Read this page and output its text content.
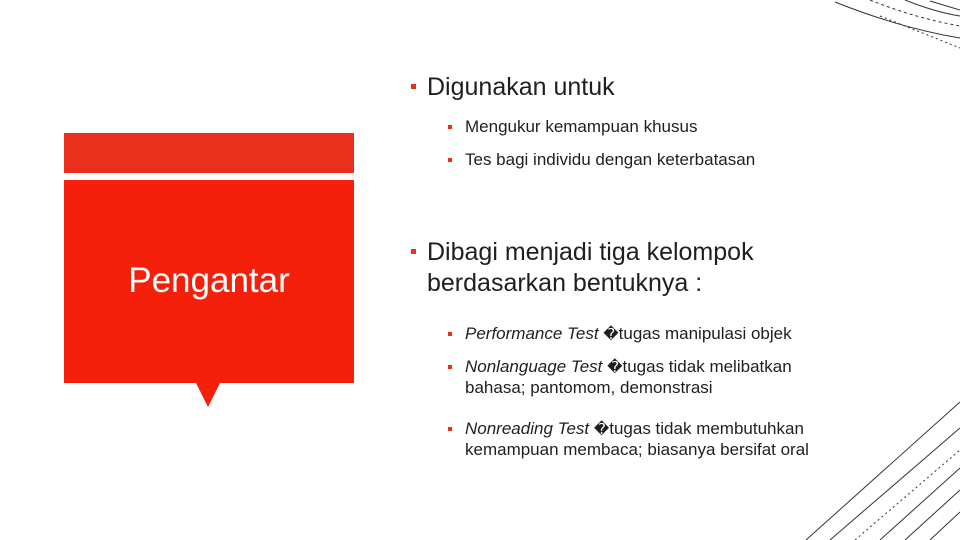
Pengantar
Digunakan untuk
Mengukur kemampuan khusus
Tes bagi individu dengan keterbatasan
Dibagi menjadi tiga kelompok
berdasarkan bentuknya :
Performance Test �tugas manipulasi objek
Nonlanguage Test �tugas tidak melibatkan
bahasa; pantomom, demonstrasi
Nonreading Test �tugas tidak membutuhkan
kemampuan membaca; biasanya bersifat oral
